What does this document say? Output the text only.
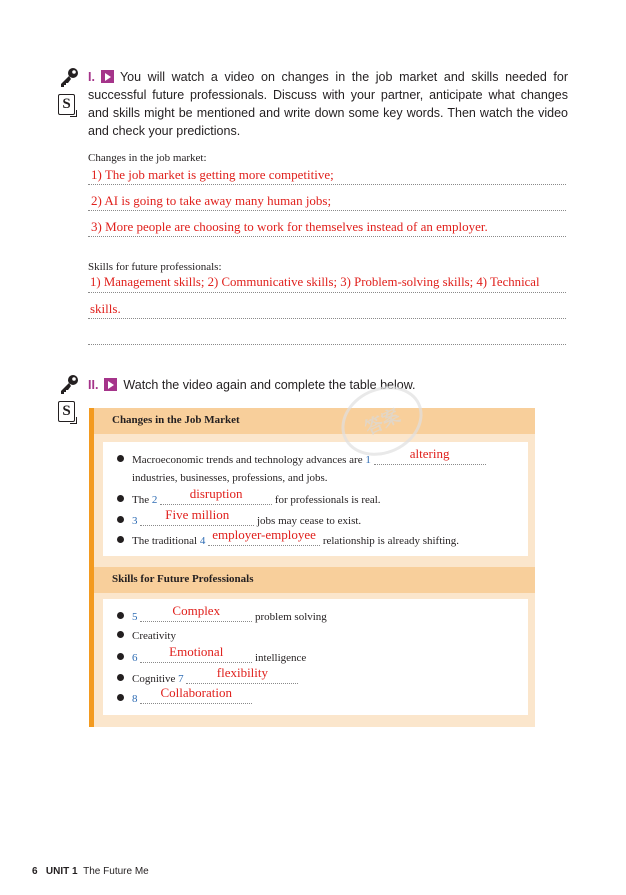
S
I. You will watch a video on changes in the job market and skills needed for successful future professionals. Discuss with your partner, anticipate what changes and skills might be mentioned and write down some key words. Then watch the video and check your predictions.
Changes in the job market:
1) The job market is getting more competitive;
2) AI is going to take away many human jobs;
3) More people are choosing to work for themselves instead of an employer.
Skills for future professionals:
1) Management skills; 2) Communicative skills; 3) Problem-solving skills; 4) Technical
skills.
S
II. Watch the video again and complete the table below.
Changes in the Job Market
Macroeconomic trends and technology advances are 1	altering
industries, businesses, professions, and jobs.
The 2	disruption	for professionals is real.
3	Five million	jobs may cease to exist.
The traditional 4 employer-employee relationship is already shifting.
Skills for Future Professionals
5	Complex	problem solving
Creativity
6	Emotional	intelligence
Cognitive 7	flexibility
8	Collaboration
答案
6 UNIT 1 The Future Me
